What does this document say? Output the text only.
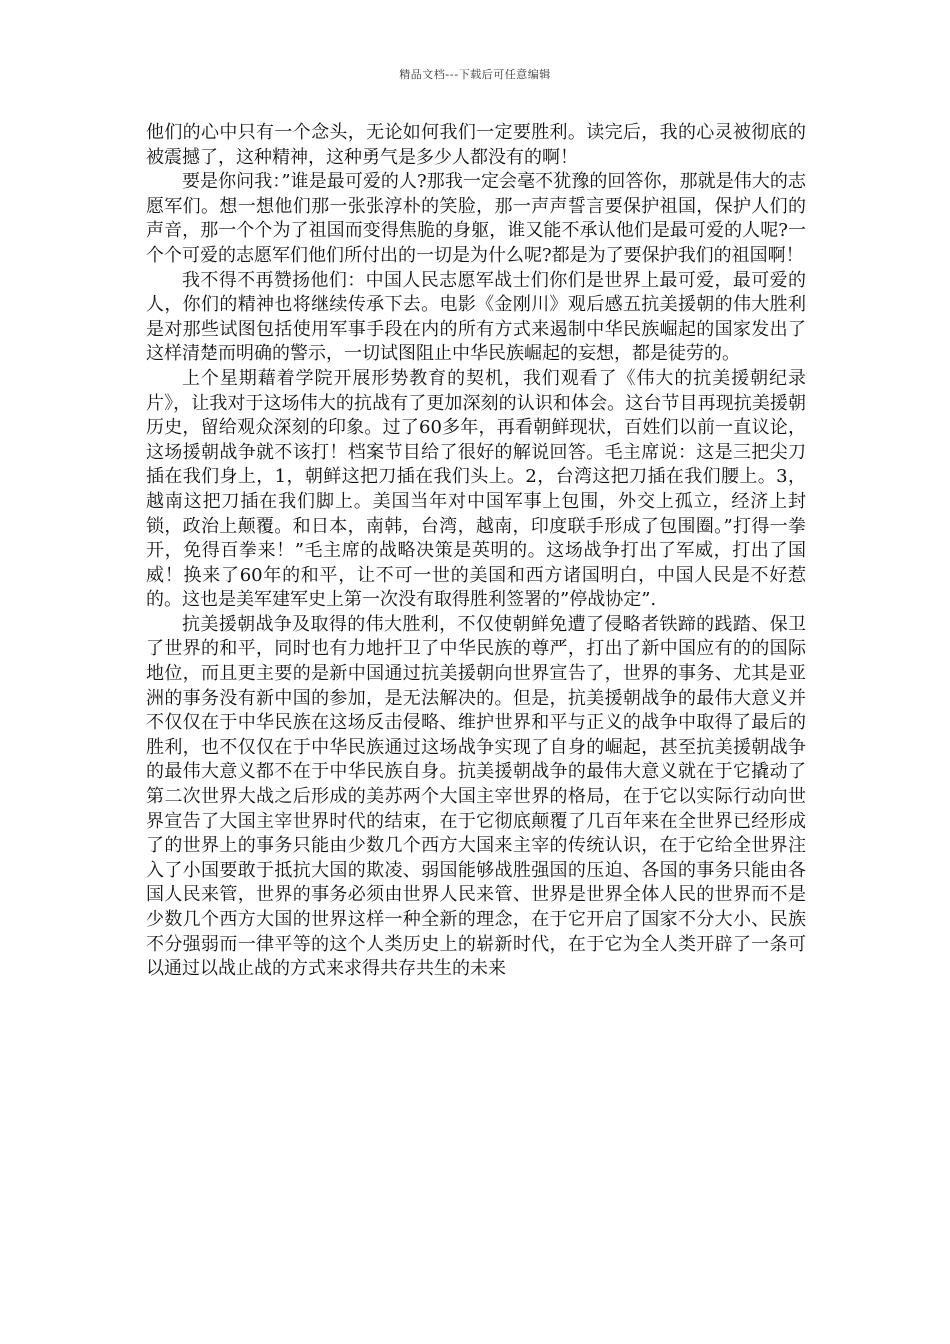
精品文档---下载后可任意编辑

他们的心中只有一个念头，无论如何我们一定要胜利。读完后，我的心灵被彻底的被震撼了，这种精神，这种勇气是多少人都没有的啊！

要是你问我：”谁是最可爱的人?那我一定会毫不犹豫的回答你，那就是伟大的志愿军们。想一想他们那一张张淳朴的笑脸，那一声声誓言要保护祖国，保护人们的声音，那一个个为了祖国而变得焦脆的身躯，谁又能不承认他们是最可爱的人呢?一个个可爱的志愿军们他们所付出的一切是为什么呢?都是为了要保护我们的祖国啊！

我不得不再赞扬他们：中国人民志愿军战士们你们是世界上最可爱，最可爱的人，你们的精神也将继续传承下去。电影《金刚川》观后感五抗美援朝的伟大胜利是对那些试图包括使用军事手段在内的所有方式来遏制中华民族崛起的国家发出了这样清楚而明确的警示，一切试图阻止中华民族崛起的妄想，都是徒劳的。

上个星期藉着学院开展形势教育的契机，我们观看了《伟大的抗美援朝纪录片》，让我对于这场伟大的抗战有了更加深刻的认识和体会。这台节目再现抗美援朝历史，留给观众深刻的印象。过了60多年，再看朝鲜现状，百姓们以前一直议论，这场援朝战争就不该打！档案节目给了很好的解说回答。毛主席说：这是三把尖刀插在我们身上，1，朝鲜这把刀插在我们头上。2，台湾这把刀插在我们腰上。3，越南这把刀插在我们脚上。美国当年对中国军事上包围，外交上孤立，经济上封锁，政治上颠覆。和日本，南韩，台湾，越南，印度联手形成了包围圈。”打得一拳开，免得百拳来！”毛主席的战略决策是英明的。这场战争打出了军威，打出了国威！换来了60年的和平，让不可一世的美国和西方诸国明白，中国人民是不好惹的。这也是美军建军史上第一次没有取得胜利签署的”停战协定”.

抗美援朝战争及取得的伟大胜利，不仅使朝鲜免遭了侵略者铁蹄的践踏、保卫了世界的和平，同时也有力地扞卫了中华民族的尊严，打出了新中国应有的的国际地位，而且更主要的是新中国通过抗美援朝向世界宣告了，世界的事务、尤其是亚洲的事务没有新中国的参加，是无法解决的。但是，抗美援朝战争的最伟大意义并不仅仅在于中华民族在这场反击侵略、维护世界和平与正义的战争中取得了最后的胜利，也不仅仅在于中华民族通过这场战争实现了自身的崛起，甚至抗美援朝战争的最伟大意义都不在于中华民族自身。抗美援朝战争的最伟大意义就在于它撬动了第二次世界大战之后形成的美苏两个大国主宰世界的格局，在于它以实际行动向世界宣告了大国主宰世界时代的结束，在于它彻底颠覆了几百年来在全世界已经形成了的世界上的事务只能由少数几个西方大国来主宰的传统认识，在于它给全世界注入了小国要敢于抵抗大国的欺凌、弱国能够战胜强国的压迫、各国的事务只能由各国人民来管，世界的事务必须由世界人民来管、世界是世界全体人民的世界而不是少数几个西方大国的世界这样一种全新的理念，在于它开启了国家不分大小、民族不分强弱而一律平等的这个人类历史上的崭新时代，在于它为全人类开辟了一条可以通过以战止战的方式来求得共存共生的未来
